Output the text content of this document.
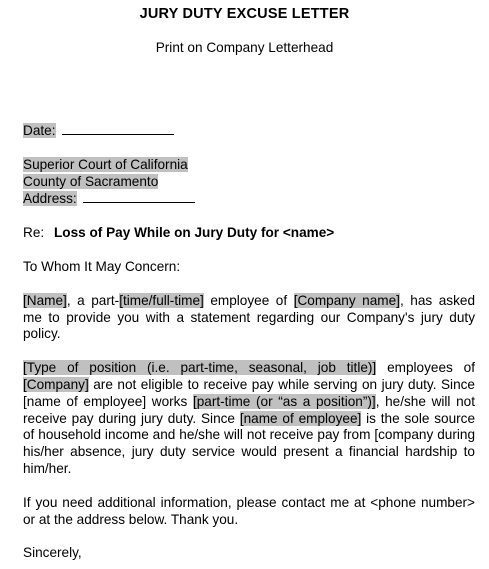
JURY DUTY EXCUSE LETTER
Print on Company Letterhead

Date:

Superior Court of California
County of Sacramento
Address:

Re: Loss of Pay While on Jury Duty for <name>

To Whom It May Concern:

[Name], a part-[time/full-time] employee of [Company name], has asked me to provide you with a statement regarding our Company's jury duty policy.

[Type of position (i.e. part-time, seasonal, job title)] employees of [Company] are not eligible to receive pay while serving on jury duty. Since [name of employee] works [part-time (or “as a position”)], he/she will not receive pay during jury duty. Since [name of employee] is the sole source of household income and he/she will not receive pay from [company during his/her absence, jury duty service would present a financial hardship to him/her.

If you need additional information, please contact me at <phone number> or at the address below. Thank you.

Sincerely,
